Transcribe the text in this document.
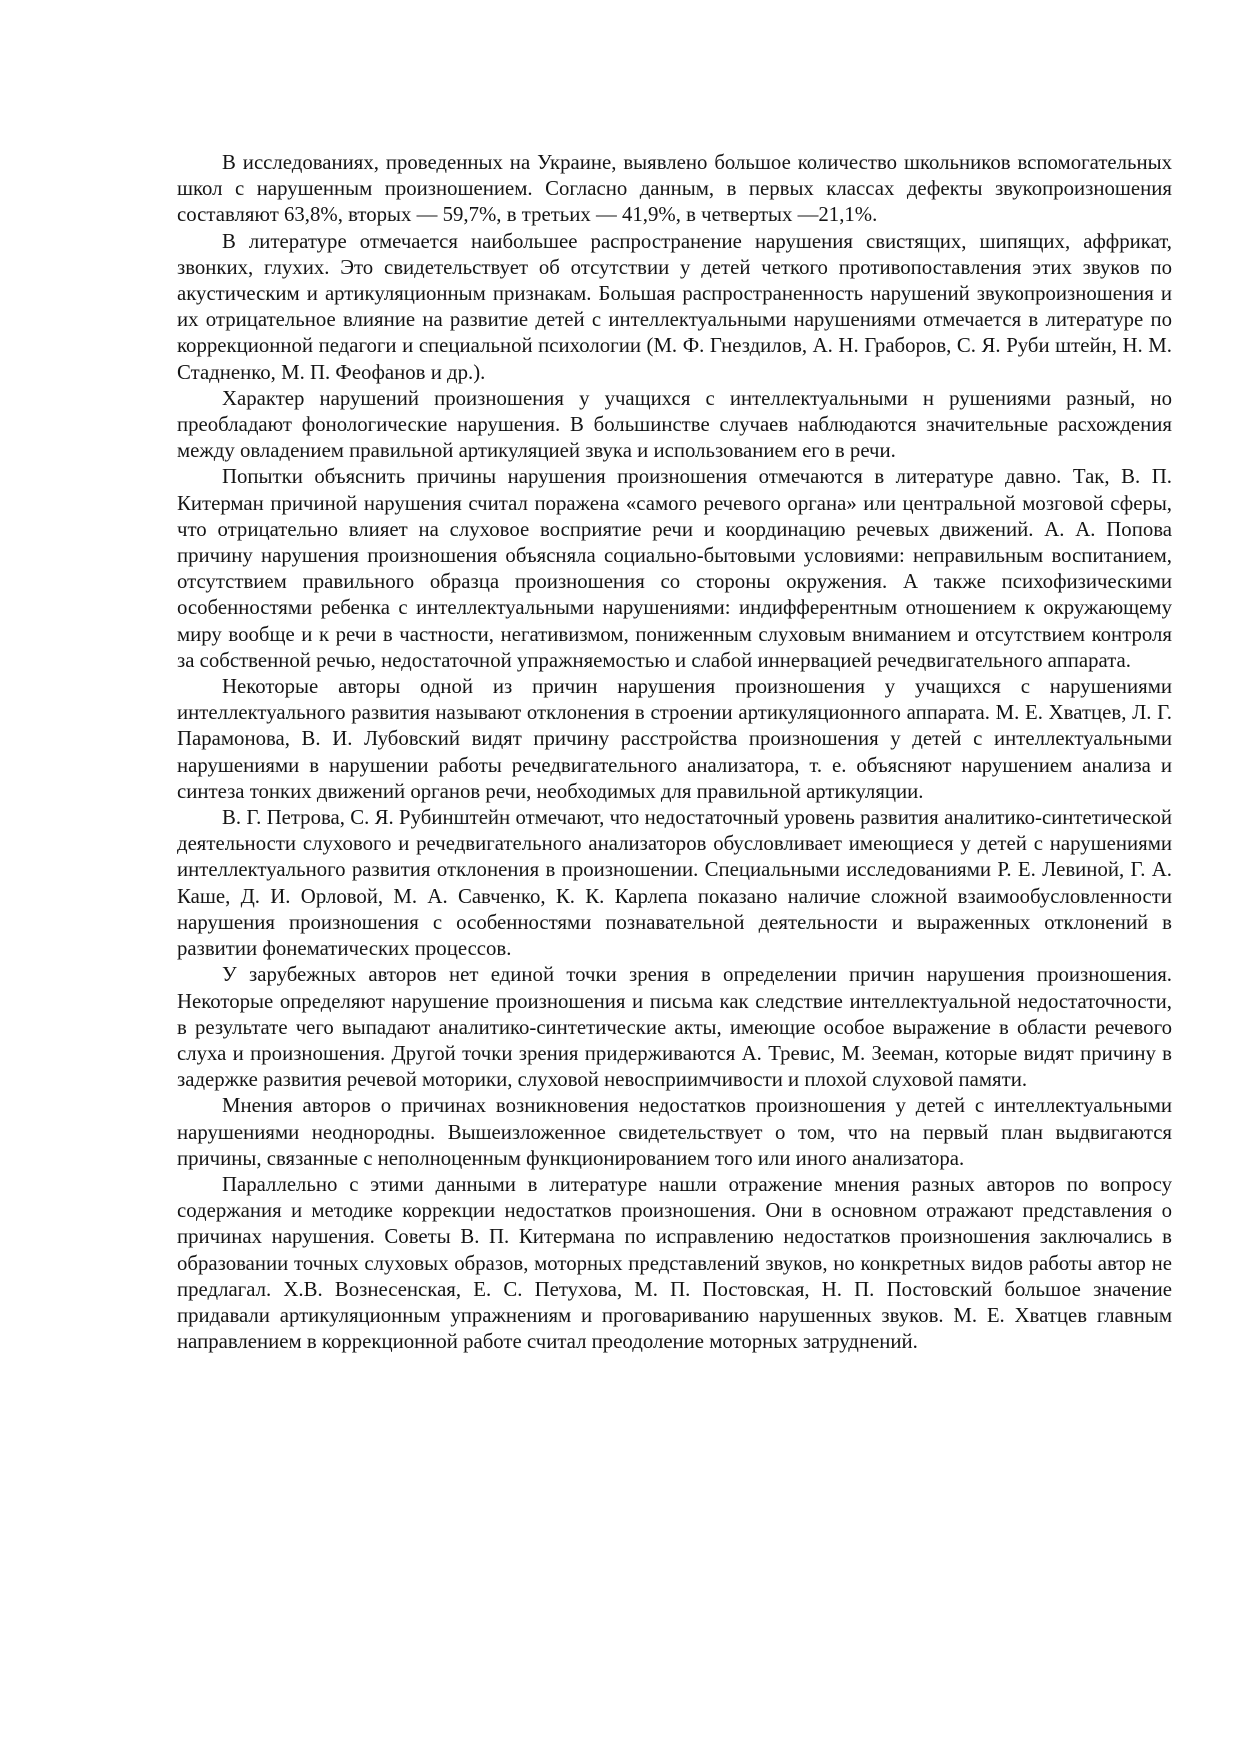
В исследованиях, проведенных на Украине, выявлено большое количество школьников вспомогательных школ с нарушенным произношением. Согласно данным, в первых классах дефекты звукопроизношения составляют 63,8%, вторых — 59,7%, в третьих — 41,9%, в четвертых —21,1%.

В литературе отмечается наибольшее распространение нарушения свистящих, шипящих, аффрикат, звонких, глухих. Это свидетельствует об отсутствии у детей четкого противопоставления этих звуков по акустическим и артикуляционным признакам. Большая распространенность нарушений звукопроизношения и их отрицательное влияние на развитие детей с интеллектуальными нарушениями отмечается в литературе по коррекционной педагоги и специальной психологии (М. Ф. Гнездилов, А. Н. Граборов, С. Я. Руби штейн, Н. М. Стадненко, М. П. Феофанов и др.).

Характер нарушений произношения у учащихся с интеллектуальными н рушениями разный, но преобладают фонологические нарушения. В большинстве случаев наблюдаются значительные расхождения между овладением правильной артикуляцией звука и использованием его в речи.

Попытки объяснить причины нарушения произношения отмечаются в литературе давно. Так, В. П. Китерман причиной нарушения считал поражена «самого речевого органа» или центральной мозговой сферы, что отрицательно влияет на слуховое восприятие речи и координацию речевых движений. А. А. Попова причину нарушения произношения объясняла социально-бытовыми условиями: неправильным воспитанием, отсутствием правильного образца произношения со стороны окружения. А также психофизическими особенностями ребенка с интеллектуальными нарушениями: индифферентным отношением к окружающему миру вообще и к речи в частности, негативизмом, пониженным слуховым вниманием и отсутствием контроля за собственной речью, недостаточной упражняемостью и слабой иннервацией речедвигательного аппарата.

Некоторые авторы одной из причин нарушения произношения у учащихся с нарушениями интеллектуального развития называют отклонения в строении артикуляционного аппарата. М. Е. Хватцев, Л. Г. Парамонова, В. И. Лубовский видят причину расстройства произношения у детей с интеллектуальными нарушениями в нарушении работы речедвигательного анализатора, т. е. объясняют нарушением анализа и синтеза тонких движений органов речи, необходимых для правильной артикуляции.

В. Г. Петрова, С. Я. Рубинштейн отмечают, что недостаточный уровень развития аналитико-синтетической деятельности слухового и речедвигательного анализаторов обусловливает имеющиеся у детей с нарушениями интеллектуального развития отклонения в произношении. Специальными исследованиями Р. Е. Левиной, Г. А. Каше, Д. И. Орловой, М. А. Савченко, К. К. Карлепа показано наличие сложной взаимообусловленности нарушения произношения с особенностями познавательной деятельности и выраженных отклонений в развитии фонематических процессов.

У зарубежных авторов нет единой точки зрения в определении причин нарушения произношения. Некоторые определяют нарушение произношения и письма как следствие интеллектуальной недостаточности, в результате чего выпадают аналитико-синтетические акты, имеющие особое выражение в области речевого слуха и произношения. Другой точки зрения придерживаются А. Тревис, М. Зееман, которые видят причину в задержке развития речевой моторики, слуховой невосприимчивости и плохой слуховой памяти.

Мнения авторов о причинах возникновения недостатков произношения у детей с интеллектуальными нарушениями неоднородны. Вышеизложенное свидетельствует о том, что на первый план выдвигаются причины, связанные с неполноценным функционированием того или иного анализатора.

Параллельно с этими данными в литературе нашли отражение мнения разных авторов по вопросу содержания и методике коррекции недостатков произношения. Они в основном отражают представления о причинах нарушения. Советы В. П. Китермана по исправлению недостатков произношения заключались в образовании точных слуховых образов, моторных представлений звуков, но конкретных видов работы автор не предлагал. Х.В. Вознесенская, Е. С. Петухова, М. П. Постовская, Н. П. Постовский большое значение придавали артикуляционным упражнениям и проговариванию нарушенных звуков. М. Е. Хватцев главным направлением в коррекционной работе считал преодоление моторных затруднений.
